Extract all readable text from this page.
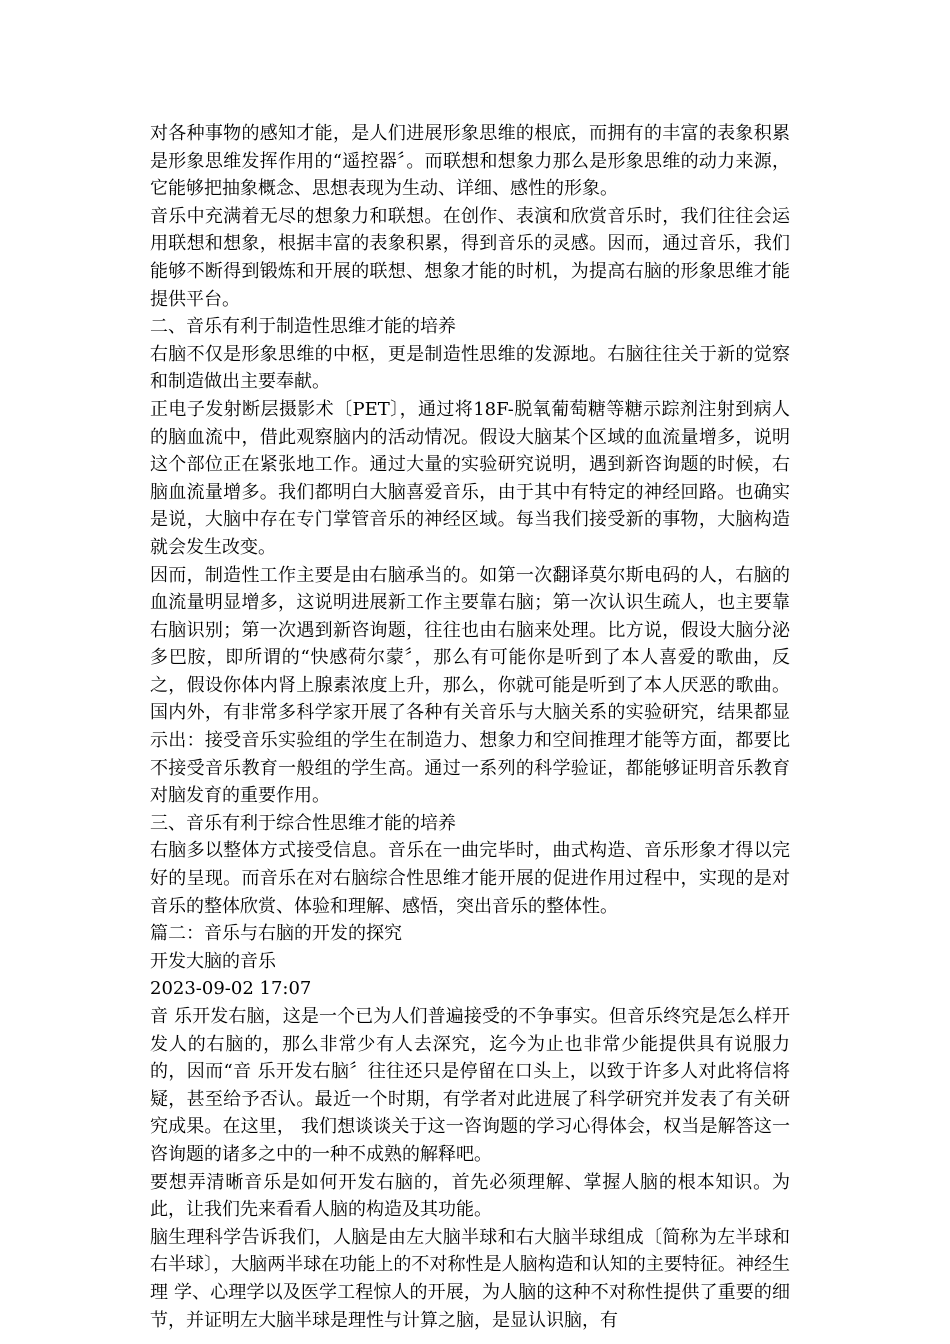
对各种事物的感知才能，是人们进展形象思维的根底，而拥有的丰富的表象积累是形象思维发挥作用的“遥控器〞。而联想和想象力那么是形象思维的动力来源，它能够把抽象概念、思想表现为生动、详细、感性的形象。

音乐中充满着无尽的想象力和联想。在创作、表演和欣赏音乐时，我们往往会运用联想和想象，根据丰富的表象积累，得到音乐的灵感。因而，通过音乐，我们能够不断得到锻炼和开展的联想、想象才能的时机，为提高右脑的形象思维才能提供平台。

二、音乐有利于制造性思维才能的培养

右脑不仅是形象思维的中枢，更是制造性思维的发源地。右脑往往关于新的觉察和制造做出主要奉献。

正电子发射断层摄影术〔PET〕，通过将18F-脱氧葡萄糖等糖示踪剂注射到病人的脑血流中，借此观察脑内的活动情况。假设大脑某个区域的血流量增多，说明这个部位正在紧张地工作。通过大量的实验研究说明，遇到新咨询题的时候，右脑血流量增多。我们都明白大脑喜爱音乐，由于其中有特定的神经回路。也确实是说，大脑中存在专门掌管音乐的神经区域。每当我们接受新的事物，大脑构造就会发生改变。

因而，制造性工作主要是由右脑承当的。如第一次翻译莫尔斯电码的人，右脑的血流量明显增多，这说明进展新工作主要靠右脑；第一次认识生疏人，也主要靠右脑识别；第一次遇到新咨询题，往往也由右脑来处理。比方说，假设大脑分泌多巴胺，即所谓的“快感荷尔蒙〞，那么有可能你是听到了本人喜爱的歌曲，反之，假设你体内肾上腺素浓度上升，那么，你就可能是听到了本人厌恶的歌曲。国内外，有非常多科学家开展了各种有关音乐与大脑关系的实验研究，结果都显示出：接受音乐实验组的学生在制造力、想象力和空间推理才能等方面，都要比不接受音乐教育一般组的学生高。通过一系列的科学验证，都能够证明音乐教育对脑发育的重要作用。

三、音乐有利于综合性思维才能的培养

右脑多以整体方式接受信息。音乐在一曲完毕时，曲式构造、音乐形象才得以完好的呈现。而音乐在对右脑综合性思维才能开展的促进作用过程中，实现的是对音乐的整体欣赏、体验和理解、感悟，突出音乐的整体性。

篇二：音乐与右脑的开发的探究

开发大脑的音乐

2023-09-02 17:07

音 乐开发右脑，这是一个已为人们普遍接受的不争事实。但音乐终究是怎么样开发人的右脑的，那么非常少有人去深究，迄今为止也非常少能提供具有说服力的，因而“音 乐开发右脑〞往往还只是停留在口头上，以致于许多人对此将信将疑，甚至给予否认。最近一个时期，有学者对此进展了科学研究并发表了有关研究成果。在这里， 我们想谈谈关于这一咨询题的学习心得体会，权当是解答这一咨询题的诸多之中的一种不成熟的解释吧。

要想弄清晰音乐是如何开发右脑的，首先必须理解、掌握人脑的根本知识。为此，让我们先来看看人脑的构造及其功能。

脑生理科学告诉我们，人脑是由左大脑半球和右大脑半球组成〔简称为左半球和右半球〕，大脑两半球在功能上的不对称性是人脑构造和认知的主要特征。神经生理 学、心理学以及医学工程惊人的开展，为人脑的这种不对称性提供了重要的细节，并证明左大脑半球是理性与计算之脑，是显认识脑，有
